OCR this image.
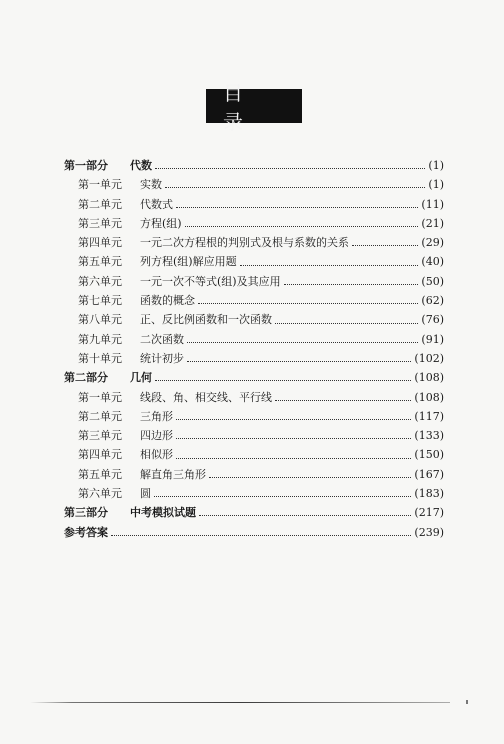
目　录
第一部分	代数	(1)
第一单元	实数	(1)
第二单元	代数式	(11)
第三单元	方程(组)	(21)
第四单元	一元二次方程根的判别式及根与系数的关系	(29)
第五单元	列方程(组)解应用题	(40)
第六单元	一元一次不等式(组)及其应用	(50)
第七单元	函数的概念	(62)
第八单元	正、反比例函数和一次函数	(76)
第九单元	二次函数	(91)
第十单元	统计初步	(102)
第二部分	几何	(108)
第一单元	线段、角、相交线、平行线	(108)
第二单元	三角形	(117)
第三单元	四边形	(133)
第四单元	相似形	(150)
第五单元	解直角三角形	(167)
第六单元	圆	(183)
第三部分	中考模拟试题	(217)
参考答案	(239)
